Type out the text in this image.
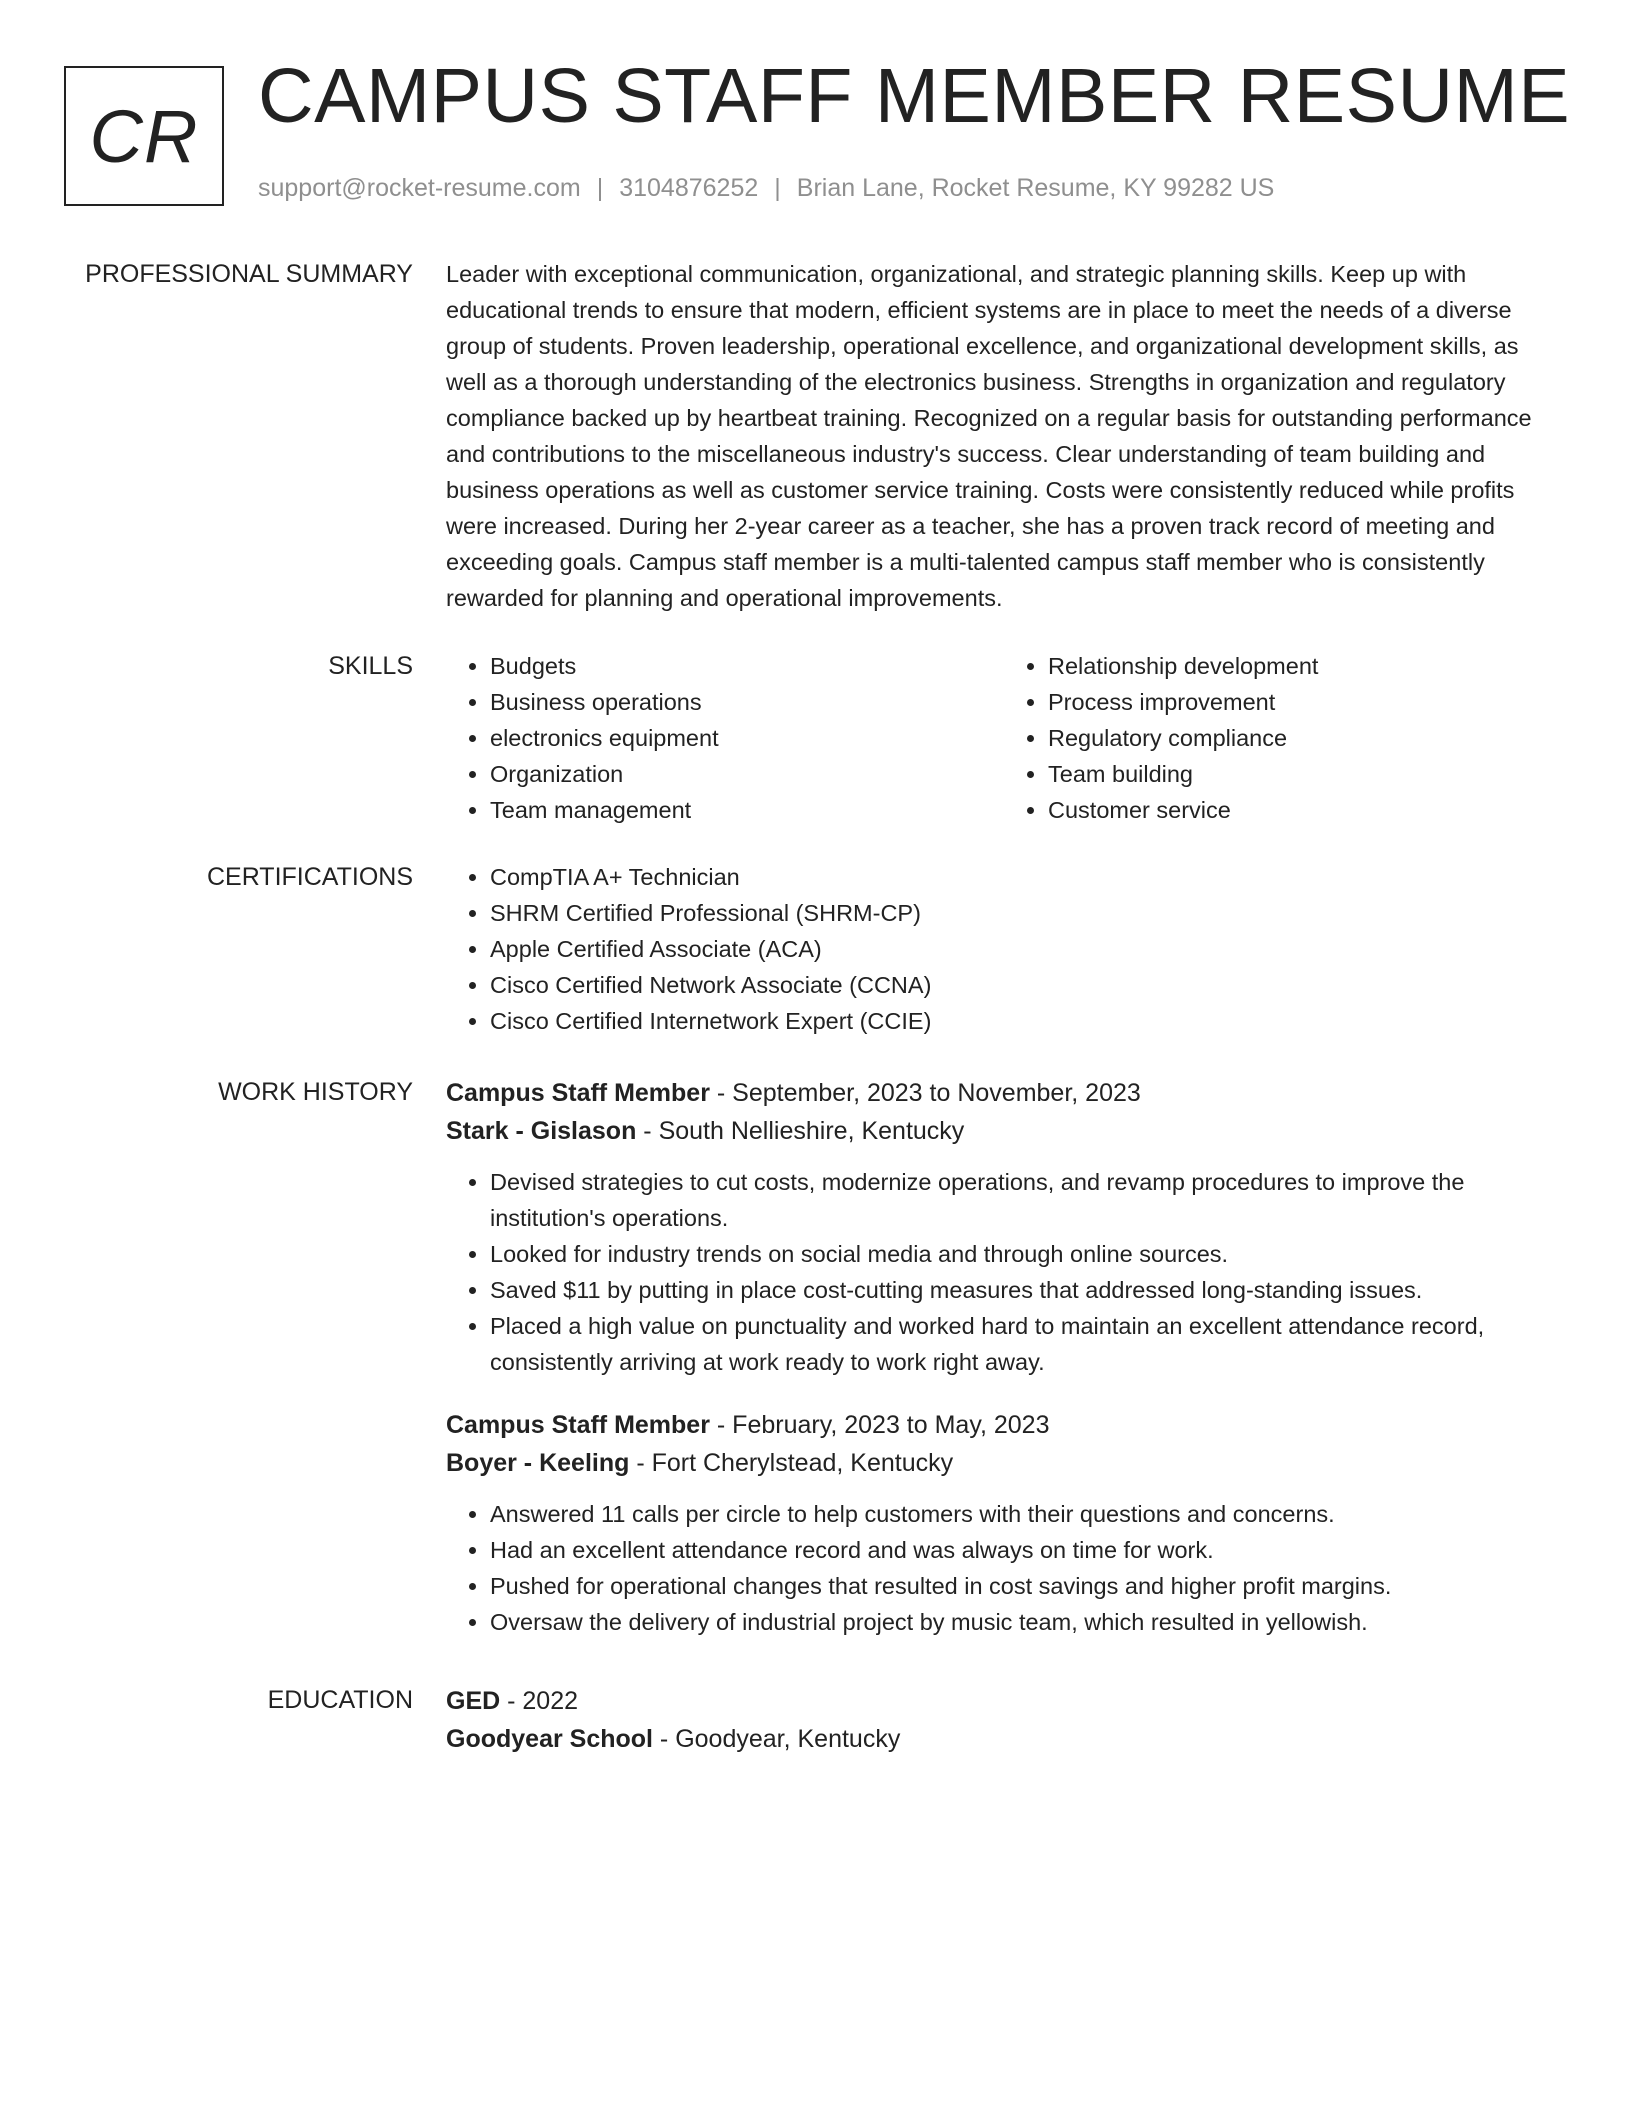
CR CAMPUS STAFF MEMBER RESUME
support@rocket-resume.com | 3104876252 | Brian Lane, Rocket Resume, KY 99282 US
PROFESSIONAL SUMMARY Leader with exceptional communication, organizational, and strategic planning skills. Keep up with educational trends to ensure that modern, efficient systems are in place to meet the needs of a diverse group of students. Proven leadership, operational excellence, and organizational development skills, as well as a thorough understanding of the electronics business. Strengths in organization and regulatory compliance backed up by heartbeat training. Recognized on a regular basis for outstanding performance and contributions to the miscellaneous industry's success. Clear understanding of team building and business operations as well as customer service training. Costs were consistently reduced while profits were increased. During her 2-year career as a teacher, she has a proven track record of meeting and exceeding goals. Campus staff member is a multi-talented campus staff member who is consistently rewarded for planning and operational improvements.

SKILLS	• Budgets
• Business operations
• electronics equipment
• Organization
• Team management
• Relationship development
• Process improvement
• Regulatory compliance
• Team building
• Customer service
CERTIFICATIONS	• CompTIA A+ Technician
• SHRM Certified Professional (SHRM-CP)
• Apple Certified Associate (ACA)
• Cisco Certified Network Associate (CCNA)
• Cisco Certified Internetwork Expert (CCIE)
WORK HISTORY Campus Staff Member - September, 2023 to November, 2023
Stark - Gislason - South Nellieshire, Kentucky
• Devised strategies to cut costs, modernize operations, and revamp procedures to improve the institution's operations.
• Looked for industry trends on social media and through online sources.
• Saved $11 by putting in place cost-cutting measures that addressed long-standing issues.
• Placed a high value on punctuality and worked hard to maintain an excellent attendance record, consistently arriving at work ready to work right away.
Campus Staff Member - February, 2023 to May, 2023
Boyer - Keeling - Fort Cherylstead, Kentucky
• Answered 11 calls per circle to help customers with their questions and concerns.
• Had an excellent attendance record and was always on time for work.
• Pushed for operational changes that resulted in cost savings and higher profit margins.
• Oversaw the delivery of industrial project by music team, which resulted in yellowish.
EDUCATION GED - 2022
Goodyear School - Goodyear, Kentucky
